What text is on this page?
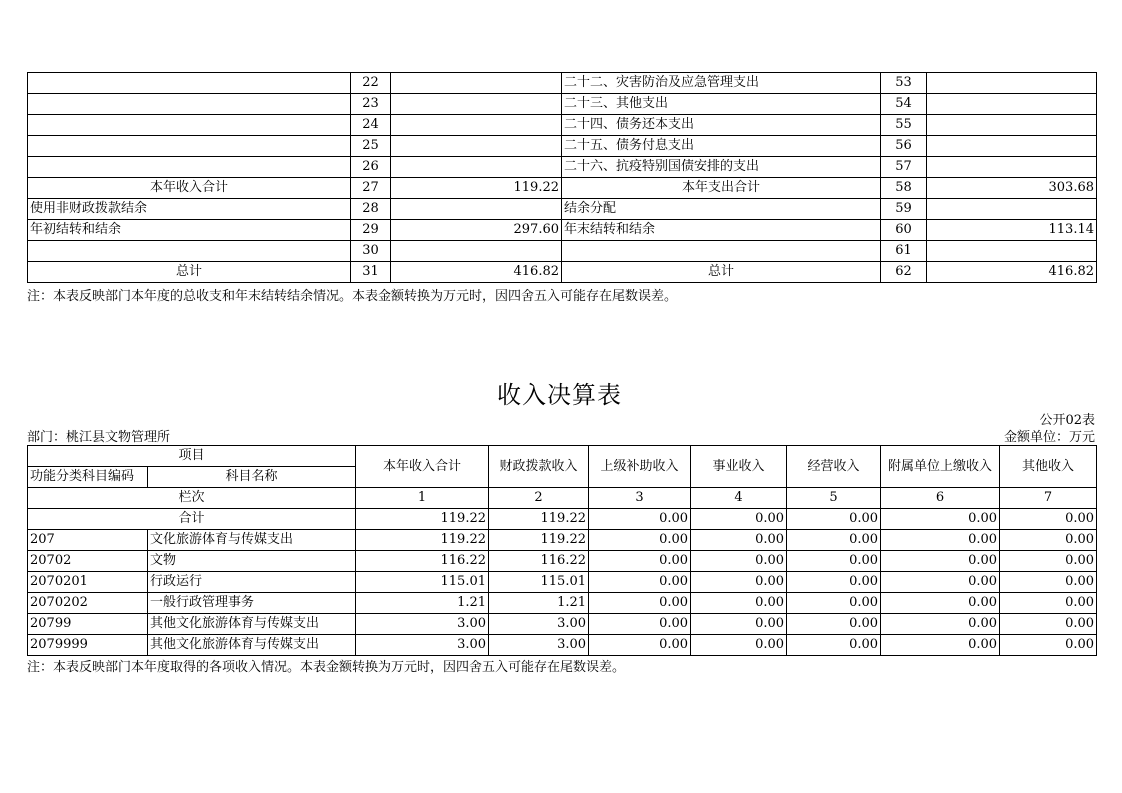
	22		二十二、灾害防治及应急管理支出	53	
	23		二十三、其他支出	54	
	24		二十四、债务还本支出	55	
	25		二十五、债务付息支出	56	
	26		二十六、抗疫特别国债安排的支出	57	
本年收入合计	27	119.22	本年支出合计	58	303.68
使用非财政拨款结余	28		结余分配	59	
年初结转和结余	29	297.60	年末结转和结余	60	113.14
	30			61	
总计	31	416.82	总计	62	416.82
注：本表反映部门本年度的总收支和年末结转结余情况。本表金额转换为万元时，因四舍五入可能存在尾数误差。
收入决算表
公开02表
部门：桃江县文物管理所	金额单位：万元
项目		本年收入合计	财政拨款收入	上级补助收入	事业收入	经营收入	附属单位上缴收入	其他收入
功能分类科目编码	科目名称							
栏次		1	2	3	4	5	6	7
合计		119.22	119.22	0.00	0.00	0.00	0.00	0.00
207	文化旅游体育与传媒支出	119.22	119.22	0.00	0.00	0.00	0.00	0.00
20702	文物	116.22	116.22	0.00	0.00	0.00	0.00	0.00
2070201	行政运行	115.01	115.01	0.00	0.00	0.00	0.00	0.00
2070202	一般行政管理事务	1.21	1.21	0.00	0.00	0.00	0.00	0.00
20799	其他文化旅游体育与传媒支出	3.00	3.00	0.00	0.00	0.00	0.00	0.00
2079999	其他文化旅游体育与传媒支出	3.00	3.00	0.00	0.00	0.00	0.00	0.00
注：本表反映部门本年度取得的各项收入情况。本表金额转换为万元时，因四舍五入可能存在尾数误差。
